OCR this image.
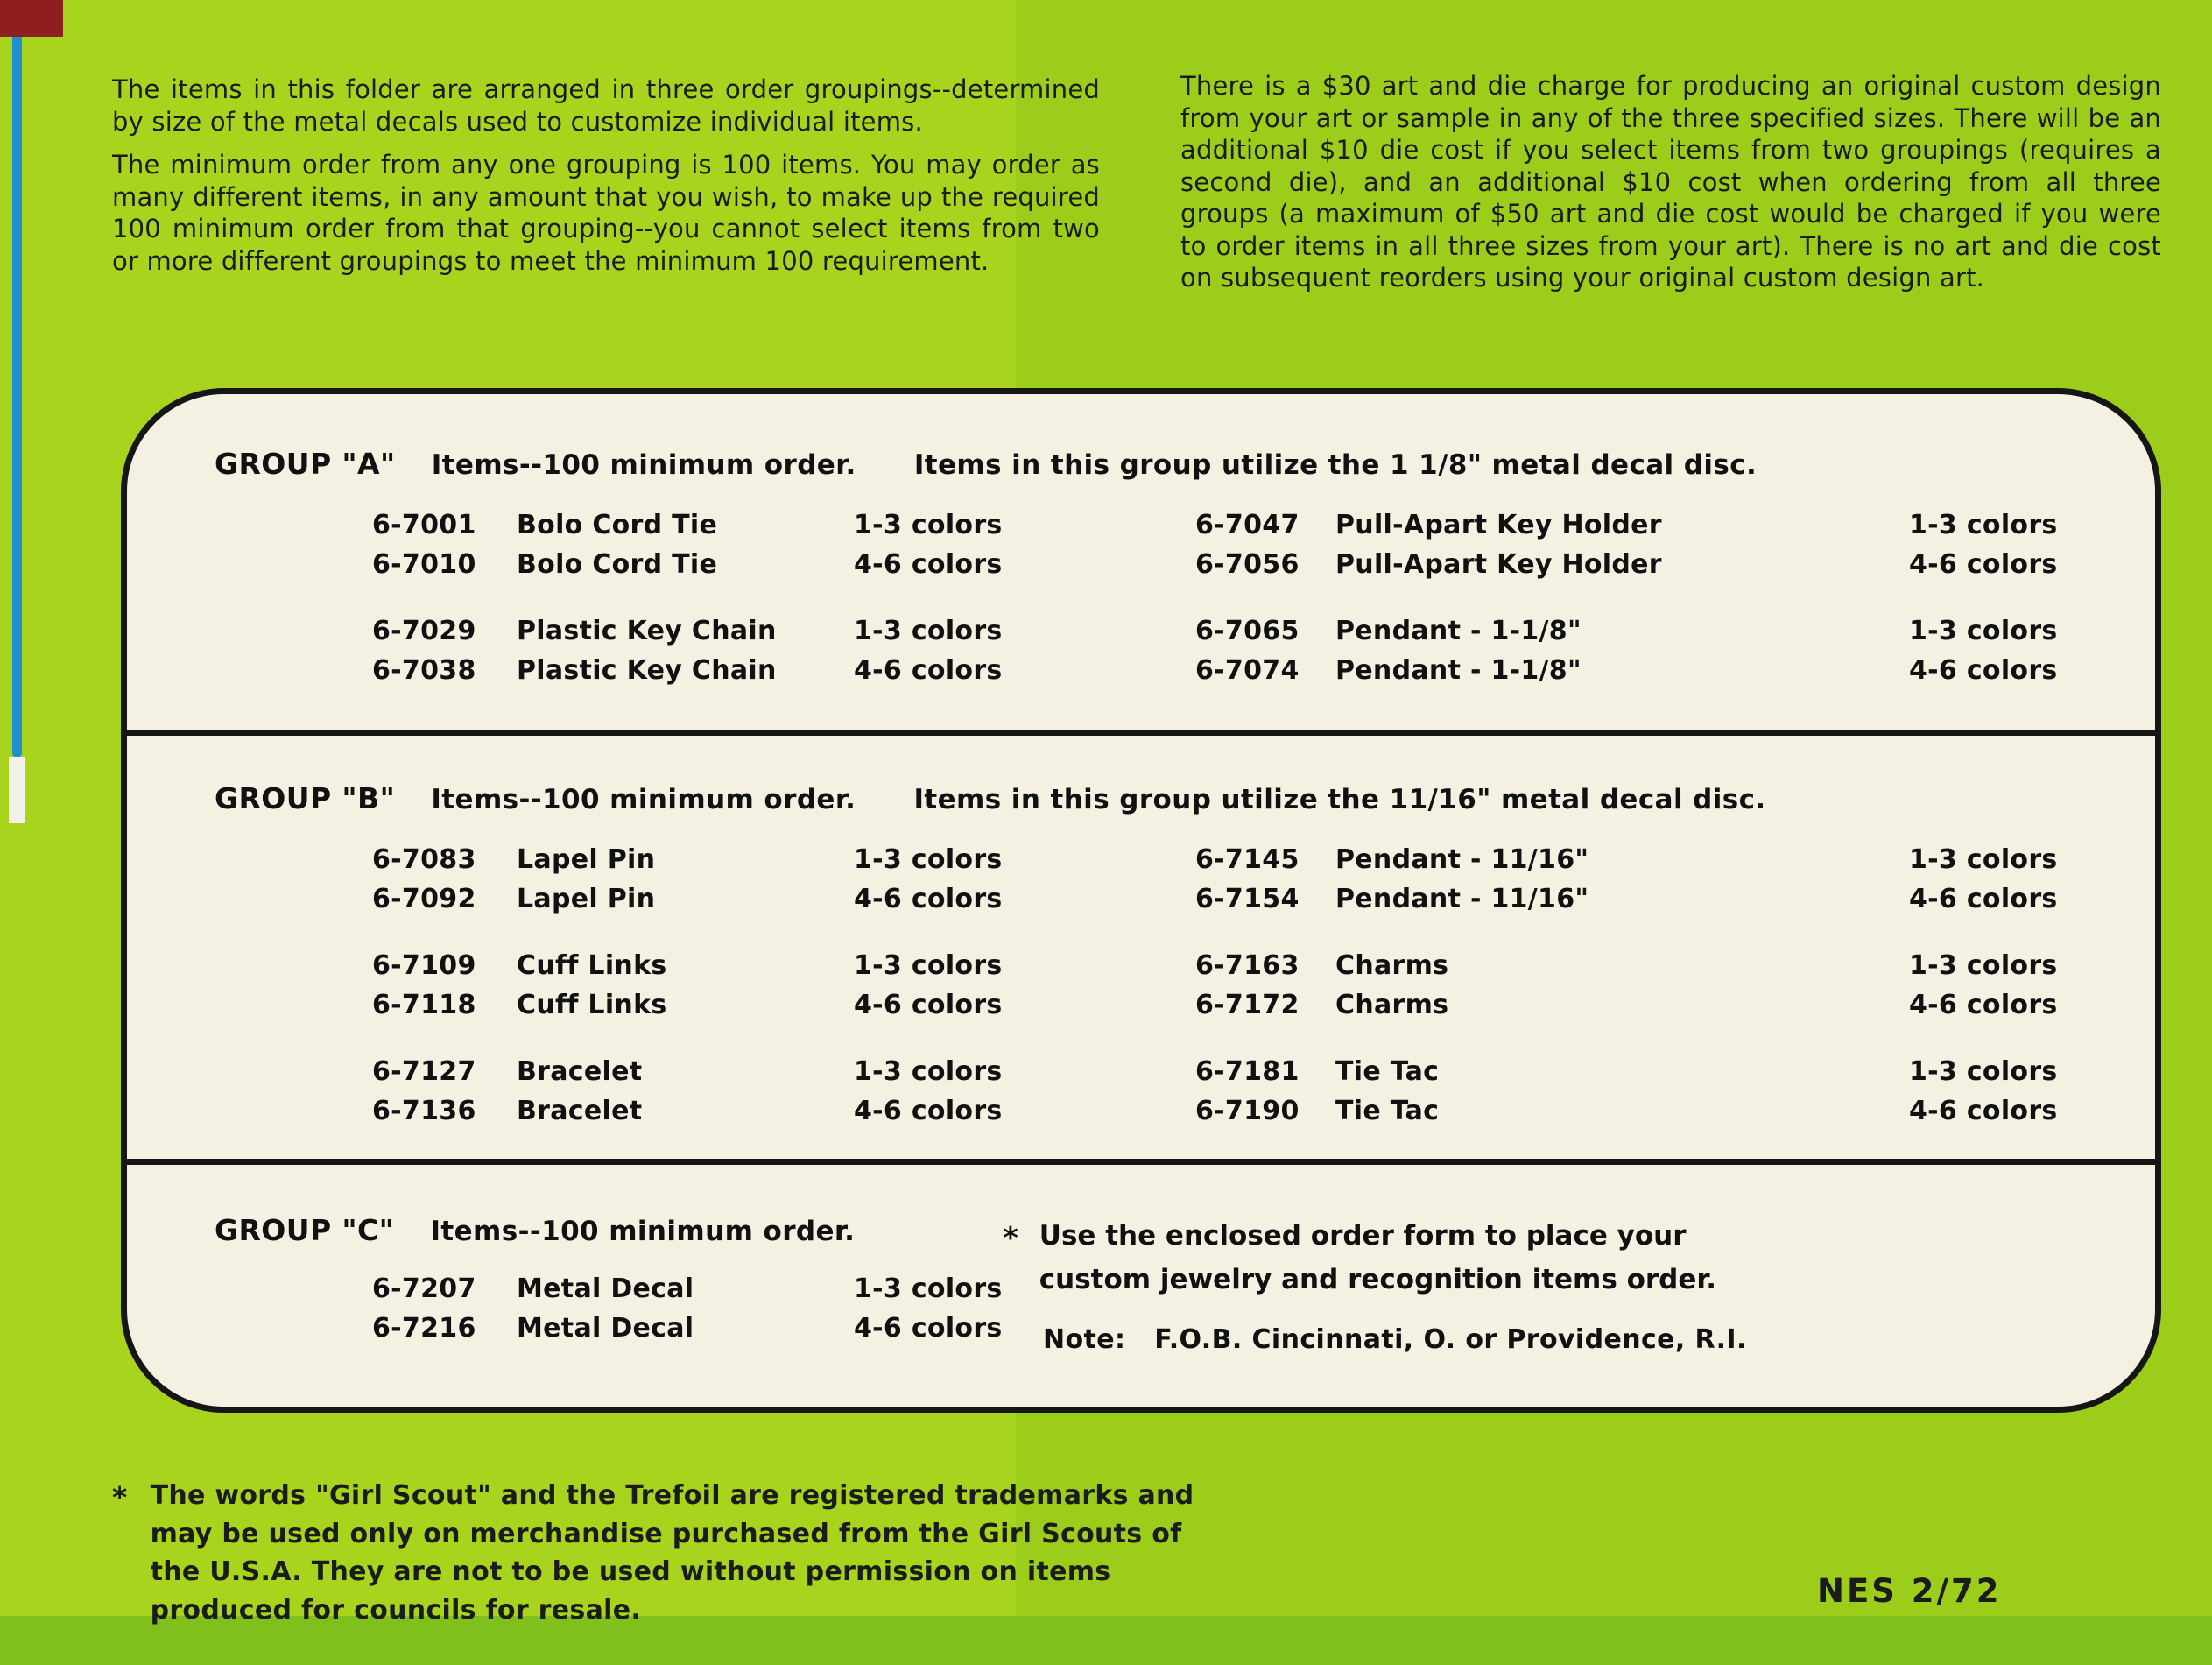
The items in this folder are arranged in three order groupings--determined by size of the metal decals used to customize individual items.

The minimum order from any one grouping is 100 items. You may order as many different items, in any amount that you wish, to make up the required 100 minimum order from that grouping--you cannot select items from two or more different groupings to meet the minimum 100 requirement.

There is a $30 art and die charge for producing an original custom design from your art or sample in any of the three specified sizes. There will be an additional $10 die cost if you select items from two groupings (requires a second die), and an additional $10 cost when ordering from all three groups (a maximum of $50 art and die cost would be charged if you were to order items in all three sizes from your art). There is no art and die cost on subsequent reorders using your original custom design art.

GROUP "A" Items--100 minimum order. Items in this group utilize the 1 1/8" metal decal disc.
6-7001	Bolo Cord Tie	1-3 colors
6-7010	Bolo Cord Tie	4-6 colors
6-7029	Plastic Key Chain	1-3 colors
6-7038	Plastic Key Chain	4-6 colors
6-7047	Pull-Apart Key Holder	1-3 colors
6-7056	Pull-Apart Key Holder	4-6 colors
6-7065	Pendant - 1-1/8"	1-3 colors
6-7074	Pendant - 1-1/8"	4-6 colors
GROUP "B" Items--100 minimum order. Items in this group utilize the 11/16" metal decal disc.
6-7083	Lapel Pin	1-3 colors
6-7092	Lapel Pin	4-6 colors
6-7109	Cuff Links	1-3 colors
6-7118	Cuff Links	4-6 colors
6-7127	Bracelet	1-3 colors
6-7136	Bracelet	4-6 colors
6-7145	Pendant - 11/16"	1-3 colors
6-7154	Pendant - 11/16"	4-6 colors
6-7163	Charms	1-3 colors
6-7172	Charms	4-6 colors
6-7181	Tie Tac	1-3 colors
6-7190	Tie Tac	4-6 colors
GROUP "C" Items--100 minimum order.
6-7207	Metal Decal	1-3 colors
6-7216	Metal Decal	4-6 colors
* Use the enclosed order form to place your custom jewelry and recognition items order.
Note: F.O.B. Cincinnati, O. or Providence, R.I.
* The words "Girl Scout" and the Trefoil are registered trademarks and may be used only on merchandise purchased from the Girl Scouts of the U.S.A. They are not to be used without permission on items produced for councils for resale.	NES 2/72
